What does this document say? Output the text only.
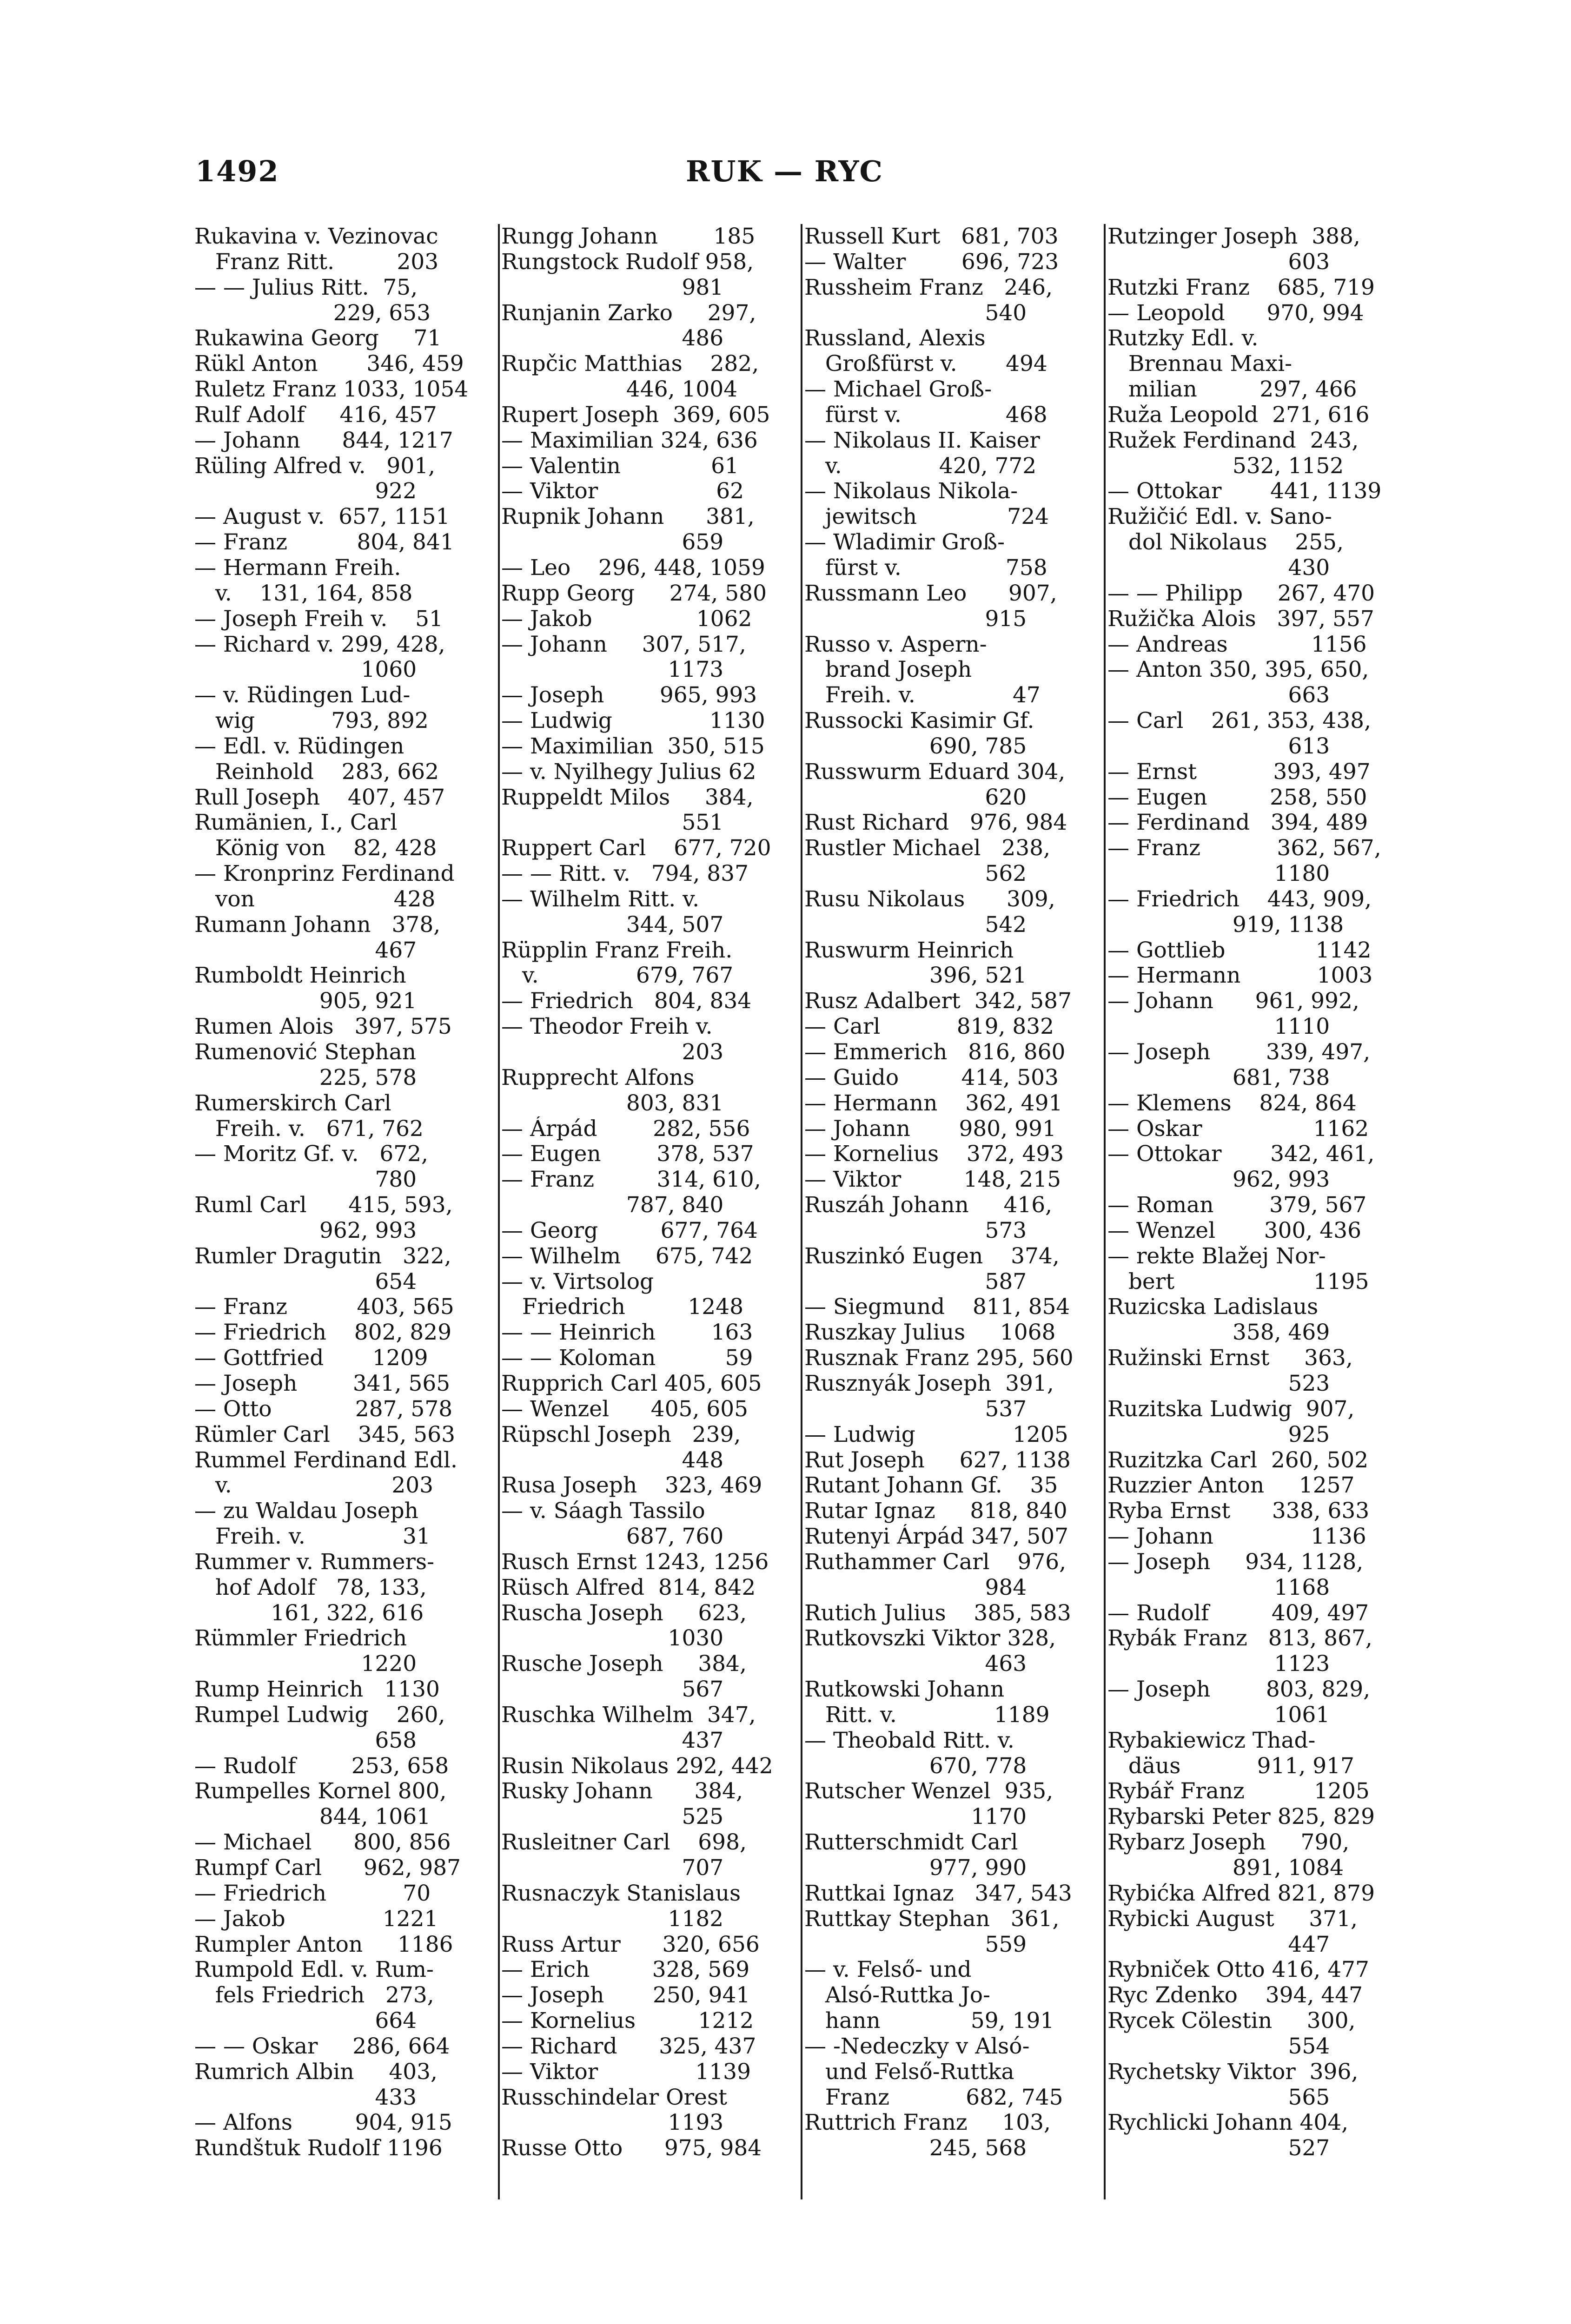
1492	RUK — RYC
Rukavina v. Vezinovac
Franz Ritt.         203
— — Julius Ritt.  75,
229, 653
Rukawina Georg     71
Rükl Anton       346, 459
Ruletz Franz 1033, 1054
Rulf Adolf     416, 457
— Johann      844, 1217
Rüling Alfred v.   901,
922
— August v.  657, 1151
— Franz          804, 841
— Hermann Freih.
v.    131, 164, 858
— Joseph Freih v.    51
— Richard v. 299, 428,
1060
— v. Rüdingen Lud-
wig           793, 892
— Edl. v. Rüdingen
Reinhold    283, 662
Rull Joseph    407, 457
Rumänien, I., Carl
König von    82, 428
— Kronprinz Ferdinand
von                    428
Rumann Johann   378,
467
Rumboldt Heinrich
905, 921
Rumen Alois   397, 575
Rumenović Stephan
225, 578
Rumerskirch Carl
Freih. v.   671, 762
— Moritz Gf. v.   672,
780
Ruml Carl      415, 593,
962, 993
Rumler Dragutin   322,
654
— Franz          403, 565
— Friedrich    802, 829
— Gottfried       1209
— Joseph        341, 565
— Otto            287, 578
Rümler Carl    345, 563
Rummel Ferdinand Edl.
v.                       203
— zu Waldau Joseph
Freih. v.              31
Rummer v. Rummers-
hof Adolf   78, 133,
161, 322, 616
Rümmler Friedrich
1220
Rump Heinrich   1130
Rumpel Ludwig    260,
658
— Rudolf        253, 658
Rumpelles Kornel 800,
844, 1061
— Michael      800, 856
Rumpf Carl      962, 987
— Friedrich           70
— Jakob              1221
Rumpler Anton     1186
Rumpold Edl. v. Rum-
fels Friedrich   273,
664
— — Oskar     286, 664
Rumrich Albin     403,
433
— Alfons         904, 915
Rundštuk Rudolf 1196
Rungg Johann        185
Rungstock Rudolf 958,
981
Runjanin Zarko     297,
486
Rupčic Matthias    282,
446, 1004
Rupert Joseph  369, 605
— Maximilian 324, 636
— Valentin             61
— Viktor                 62
Rupnik Johann      381,
659
— Leo    296, 448, 1059
Rupp Georg     274, 580
— Jakob               1062
— Johann     307, 517,
1173
— Joseph        965, 993
— Ludwig              1130
— Maximilian  350, 515
— v. Nyilhegy Julius 62
Ruppeldt Milos     384,
551
Ruppert Carl    677, 720
— — Ritt. v.   794, 837
— Wilhelm Ritt. v.
344, 507
Rüpplin Franz Freih.
v.              679, 767
— Friedrich   804, 834
— Theodor Freih v.
203
Rupprecht Alfons
803, 831
— Árpád        282, 556
— Eugen        378, 537
— Franz         314, 610,
787, 840
— Georg         677, 764
— Wilhelm     675, 742
— v. Virtsolog
Friedrich         1248
— — Heinrich        163
— — Koloman          59
Rupprich Carl 405, 605
— Wenzel      405, 605
Rüpschl Joseph   239,
448
Rusa Joseph    323, 469
— v. Sáagh Tassilo
687, 760
Rusch Ernst 1243, 1256
Rüsch Alfred  814, 842
Ruscha Joseph     623,
1030
Rusche Joseph     384,
567
Ruschka Wilhelm  347,
437
Rusin Nikolaus 292, 442
Rusky Johann      384,
525
Rusleitner Carl    698,
707
Rusnaczyk Stanislaus
1182
Russ Artur      320, 656
— Erich         328, 569
— Joseph       250, 941
— Kornelius         1212
— Richard      325, 437
— Viktor              1139
Russchindelar Orest
1193
Russe Otto      975, 984
Russell Kurt   681, 703
— Walter        696, 723
Russheim Franz   246,
540
Russland, Alexis
Großfürst v.       494
— Michael Groß-
fürst v.               468
— Nikolaus II. Kaiser
v.              420, 772
— Nikolaus Nikola-
jewitsch             724
— Wladimir Groß-
fürst v.               758
Russmann Leo      907,
915
Russo v. Aspern-
brand Joseph
Freih. v.              47
Russocki Kasimir Gf.
690, 785
Russwurm Eduard 304,
620
Rust Richard   976, 984
Rustler Michael   238,
562
Rusu Nikolaus      309,
542
Ruswurm Heinrich
396, 521
Rusz Adalbert  342, 587
— Carl           819, 832
— Emmerich   816, 860
— Guido         414, 503
— Hermann    362, 491
— Johann       980, 991
— Kornelius    372, 493
— Viktor         148, 215
Ruszáh Johann     416,
573
Ruszinkó Eugen    374,
587
— Siegmund    811, 854
Ruszkay Julius     1068
Rusznak Franz 295, 560
Rusznyák Joseph  391,
537
— Ludwig              1205
Rut Joseph     627, 1138
Rutant Johann Gf.    35
Rutar Ignaz     818, 840
Rutenyi Árpád 347, 507
Ruthammer Carl    976,
984
Rutich Julius    385, 583
Rutkovszki Viktor 328,
463
Rutkowski Johann
Ritt. v.              1189
— Theobald Ritt. v.
670, 778
Rutscher Wenzel  935,
1170
Rutterschmidt Carl
977, 990
Ruttkai Ignaz   347, 543
Ruttkay Stephan   361,
559
— v. Felső- und
Alsó-Ruttka Jo-
hann             59, 191
— -Nedeczky v Alsó-
und Felső-Ruttka
Franz           682, 745
Ruttrich Franz     103,
245, 568
Rutzinger Joseph  388,
603
Rutzki Franz    685, 719
— Leopold      970, 994
Rutzky Edl. v.
Brennau Maxi-
milian         297, 466
Ruža Leopold  271, 616
Ružek Ferdinand  243,
532, 1152
— Ottokar       441, 1139
Ružičić Edl. v. Sano-
dol Nikolaus    255,
430
— — Philipp     267, 470
Ružička Alois   397, 557
— Andreas            1156
— Anton 350, 395, 650,
663
— Carl    261, 353, 438,
613
— Ernst           393, 497
— Eugen         258, 550
— Ferdinand   394, 489
— Franz           362, 567,
1180
— Friedrich    443, 909,
919, 1138
— Gottlieb             1142
— Hermann           1003
— Johann      961, 992,
1110
— Joseph        339, 497,
681, 738
— Klemens    824, 864
— Oskar                1162
— Ottokar       342, 461,
962, 993
— Roman        379, 567
— Wenzel       300, 436
— rekte Blažej Nor-
bert                    1195
Ruzicska Ladislaus
358, 469
Ružinski Ernst     363,
523
Ruzitska Ludwig  907,
925
Ruzitzka Carl  260, 502
Ruzzier Anton     1257
Ryba Ernst      338, 633
— Johann              1136
— Joseph     934, 1128,
1168
— Rudolf         409, 497
Rybák Franz   813, 867,
1123
— Joseph        803, 829,
1061
Rybakiewicz Thad-
däus           911, 917
Rybář Franz          1205
Rybarski Peter 825, 829
Rybarz Joseph     790,
891, 1084
Rybićka Alfred 821, 879
Rybicki August     371,
447
Rybniček Otto 416, 477
Ryc Zdenko    394, 447
Rycek Cölestin     300,
554
Rychetsky Viktor  396,
565
Rychlicki Johann 404,
527
